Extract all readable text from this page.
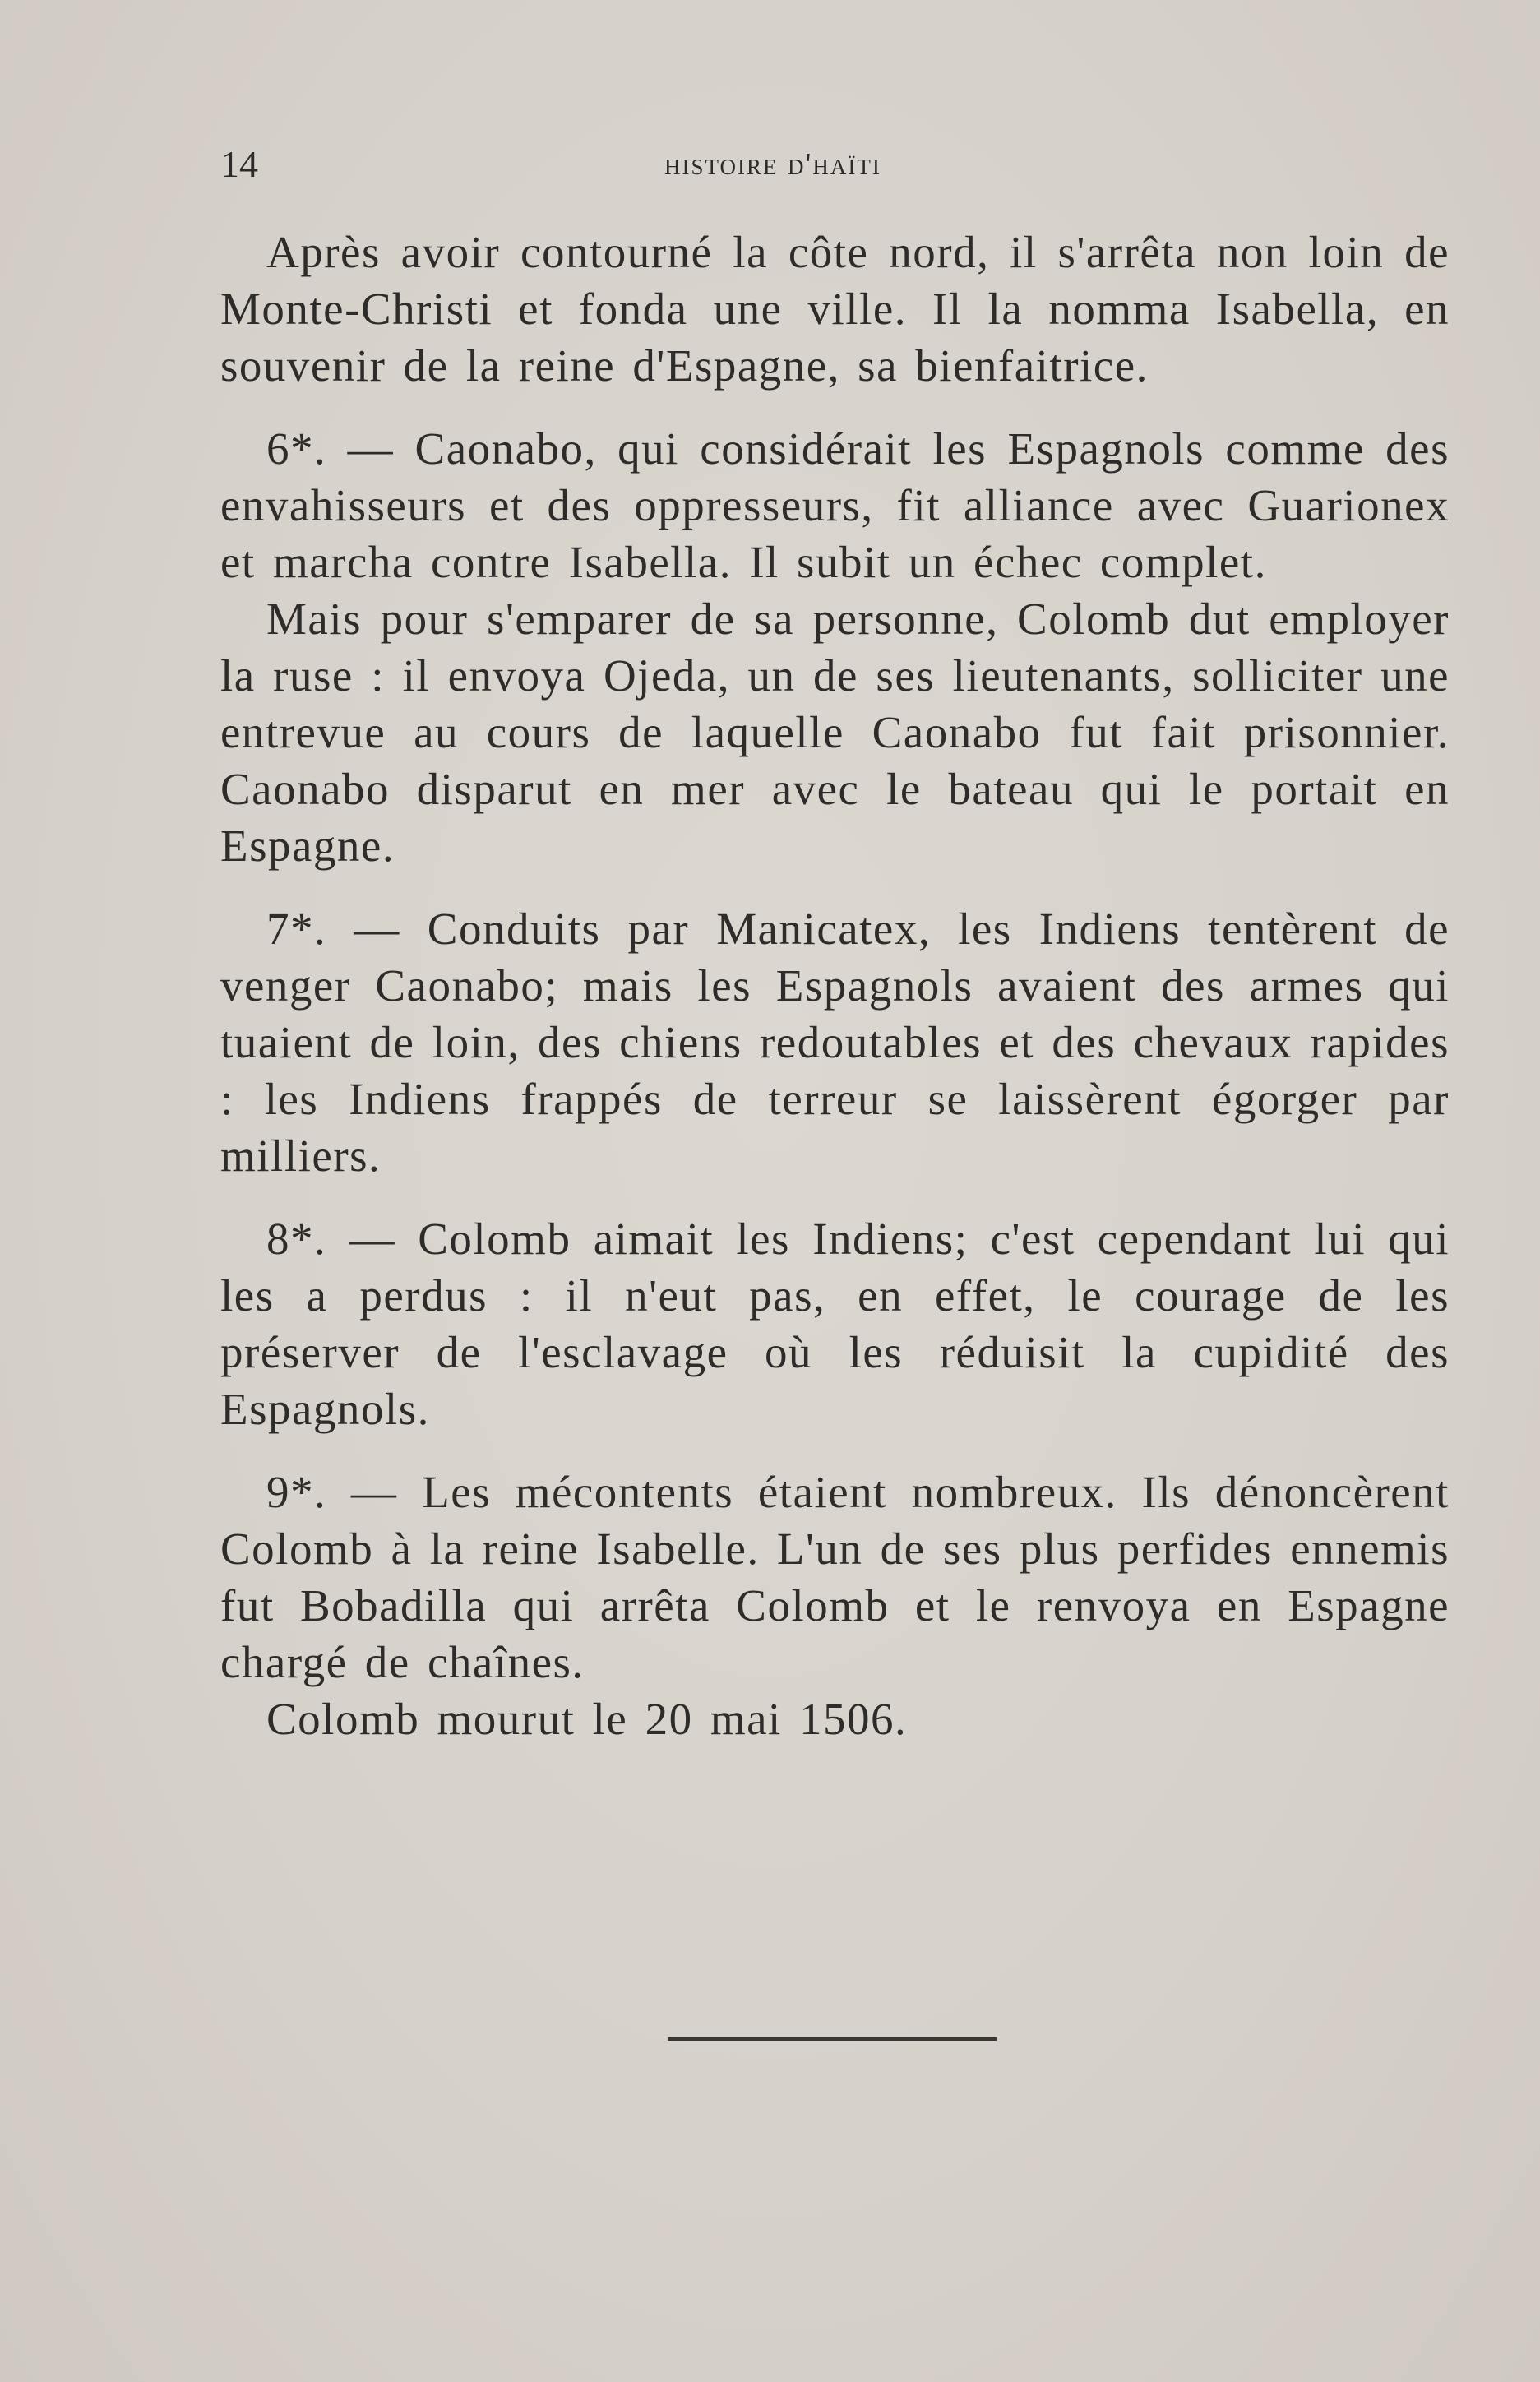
14	histoire d'haïti

Après avoir contourné la côte nord, il s'arrêta non loin de Monte-Christi et fonda une ville. Il la nomma Isabella, en souvenir de la reine d'Espagne, sa bienfaitrice.

6*. — Caonabo, qui considérait les Espagnols comme des envahisseurs et des oppresseurs, fit alliance avec Guarionex et marcha contre Isabella. Il subit un échec complet.

Mais pour s'emparer de sa personne, Colomb dut employer la ruse : il envoya Ojeda, un de ses lieutenants, solliciter une entrevue au cours de laquelle Caonabo fut fait prisonnier. Caonabo disparut en mer avec le bateau qui le portait en Espagne.

7*. — Conduits par Manicatex, les Indiens tentèrent de venger Caonabo; mais les Espagnols avaient des armes qui tuaient de loin, des chiens redoutables et des chevaux rapides : les Indiens frappés de terreur se laissèrent égorger par milliers.

8*. — Colomb aimait les Indiens; c'est cependant lui qui les a perdus : il n'eut pas, en effet, le courage de les préserver de l'esclavage où les réduisit la cupidité des Espagnols.

9*. — Les mécontents étaient nombreux. Ils dénoncèrent Colomb à la reine Isabelle. L'un de ses plus perfides ennemis fut Bobadilla qui arrêta Colomb et le renvoya en Espagne chargé de chaînes.

Colomb mourut le 20 mai 1506.
